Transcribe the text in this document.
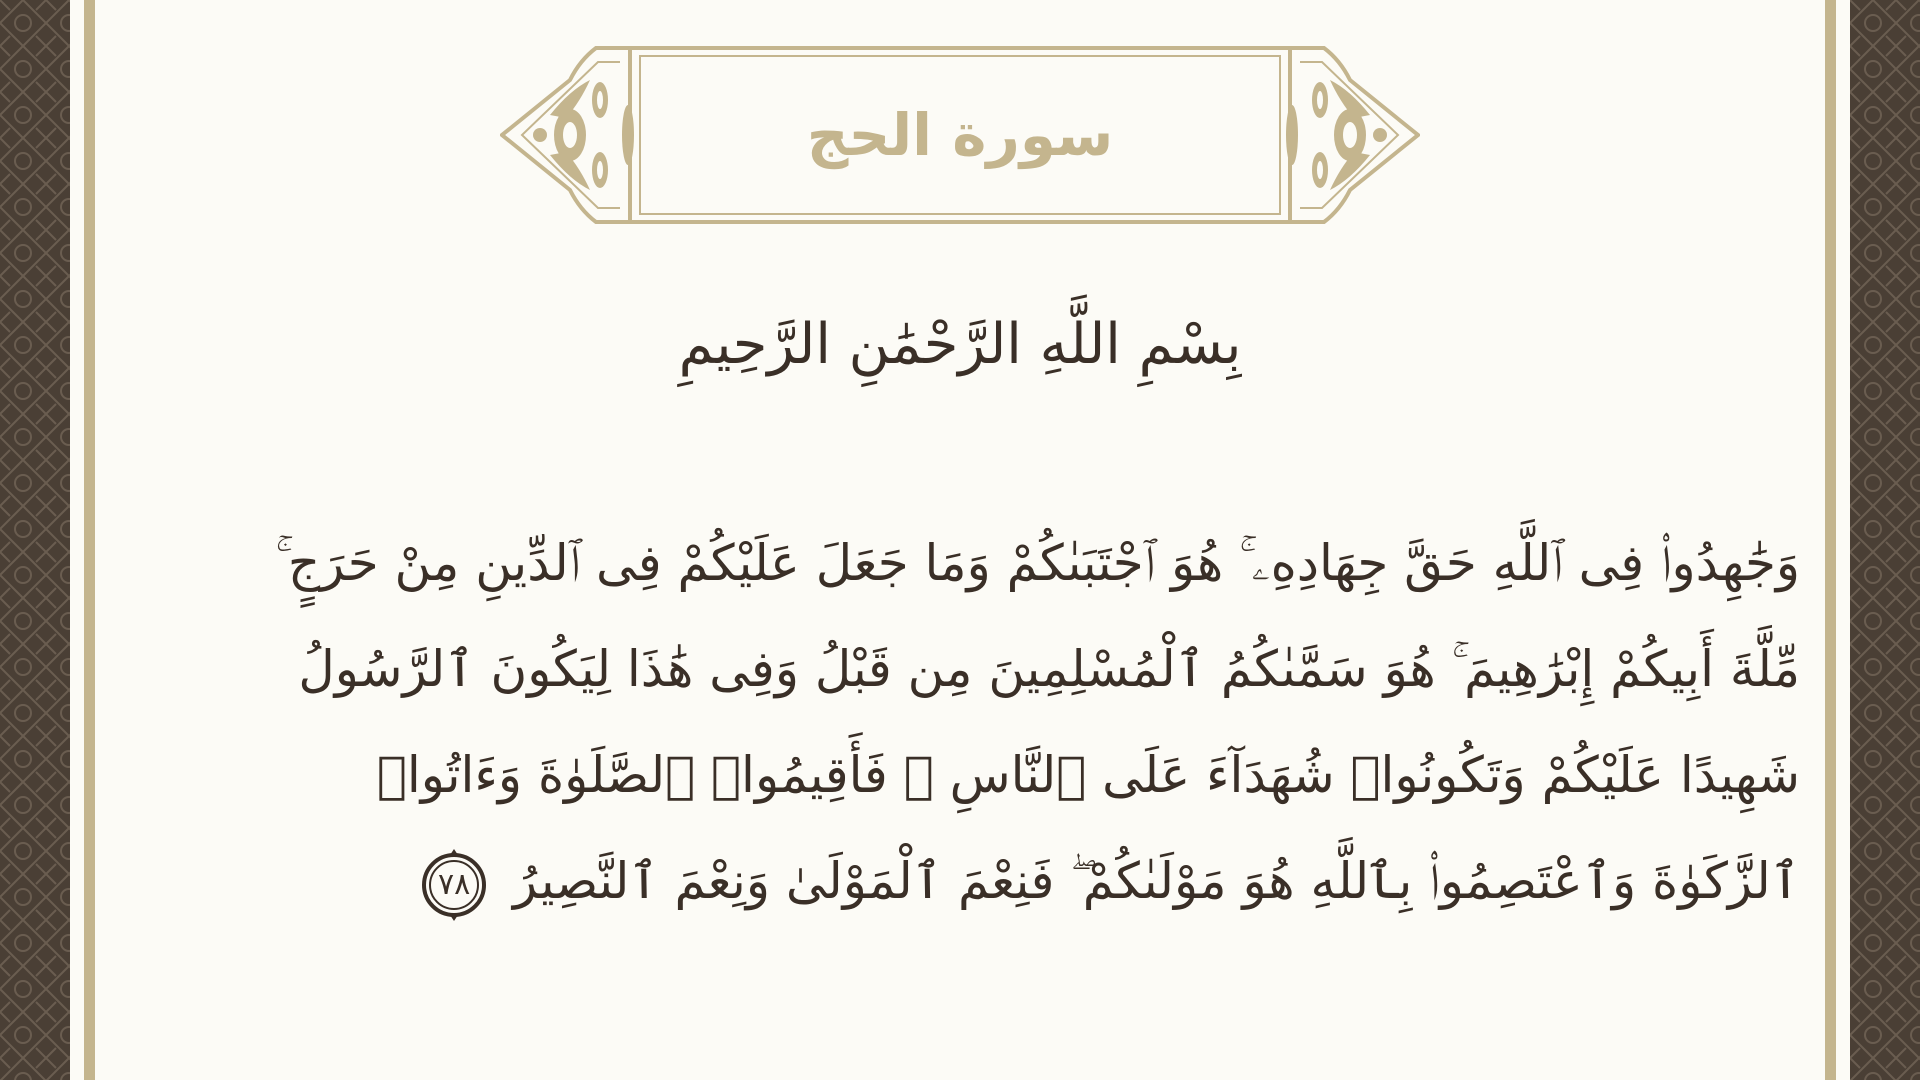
سورة الحج
بِسْمِ اللَّهِ الرَّحْمَٰنِ الرَّحِيمِ
وَجَٰهِدُوا۟ فِى ٱللَّهِ حَقَّ جِهَادِهِۦ ۚ هُوَ ٱجْتَبَىٰكُمْ وَمَا جَعَلَ عَلَيْكُمْ فِى ٱلدِّينِ مِنْ حَرَجٍ ۚ
مِّلَّةَ أَبِيكُمْ إِبْرَٰهِيمَ ۚ هُوَ سَمَّىٰكُمُ ٱلْمُسْلِمِينَ مِن قَبْلُ وَفِى هَٰذَا لِيَكُونَ ٱلرَّسُولُ
شَهِيدًا عَلَيْكُمْ وَتَكُونُوا۟ شُهَدَآءَ عَلَى ٱلنَّاسِ ۚ فَأَقِيمُوا۟ ٱلصَّلَوٰةَ وَءَاتُوا۟
ٱلزَّكَوٰةَ وَٱعْتَصِمُوا۟ بِٱللَّهِ هُوَ مَوْلَىٰكُمْ ۖ فَنِعْمَ ٱلْمَوْلَىٰ وَنِعْمَ ٱلنَّصِيرُ
٧٨
